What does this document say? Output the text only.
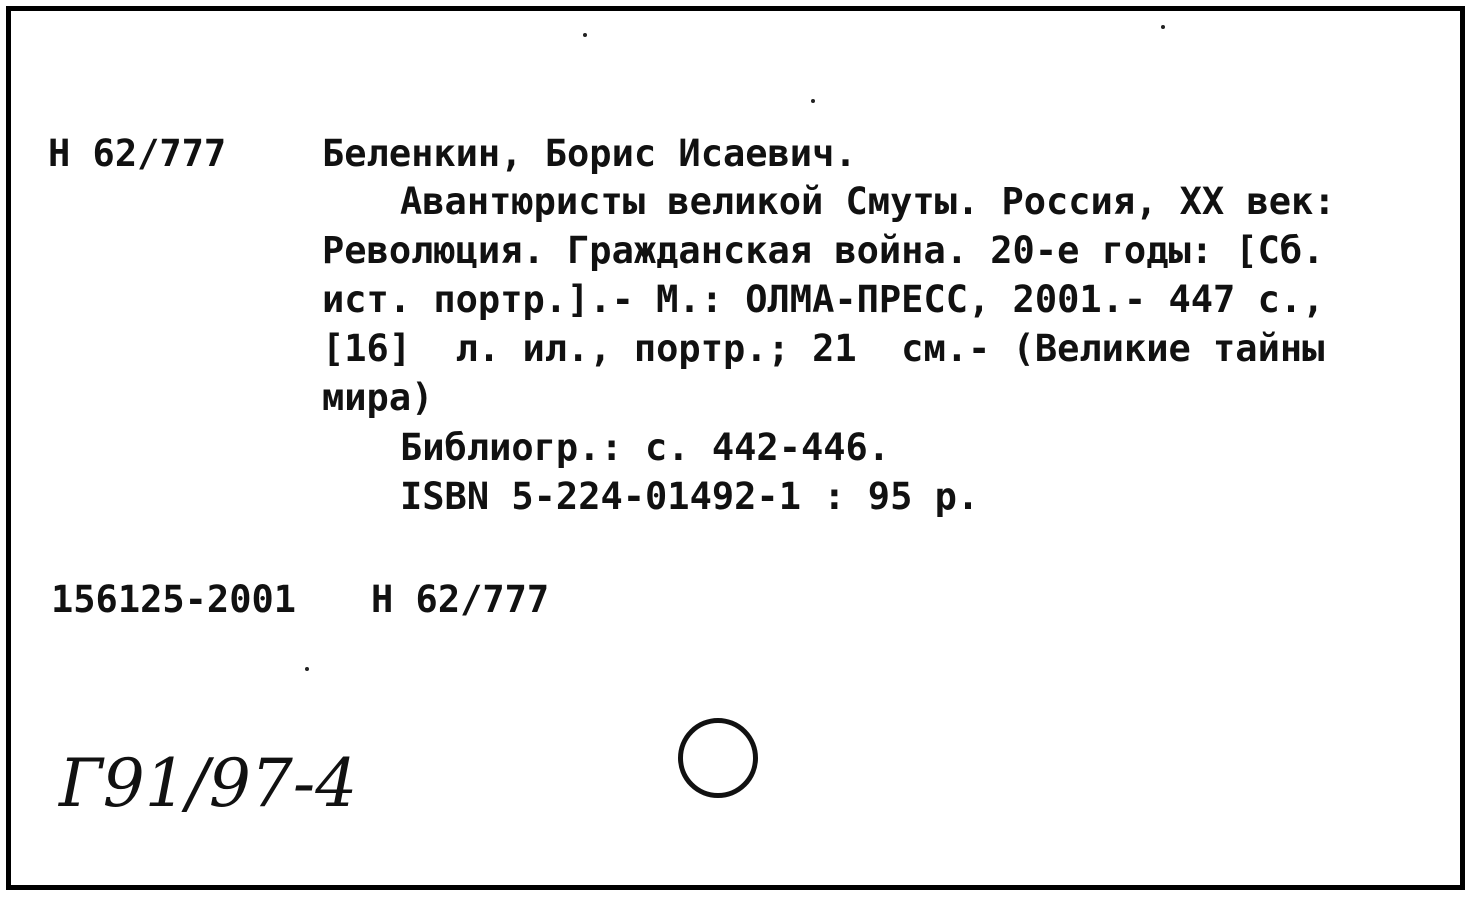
Н 62/777	Беленкин, Борис Исаевич.
Авантюристы великой Смуты. Россия, ХХ век:
Революция. Гражданская война. 20-е годы: [Сб.
ист. портр.].- М.: ОЛМА-ПРЕСС, 2001.- 447 с.,
[16]  л. ил., портр.; 21  см.- (Великие тайны
мира)
Библиогр.: с. 442-446.
ISBN 5-224-01492-1 : 95 р.
156125-2001 Н 62/777
Г91/97-4
